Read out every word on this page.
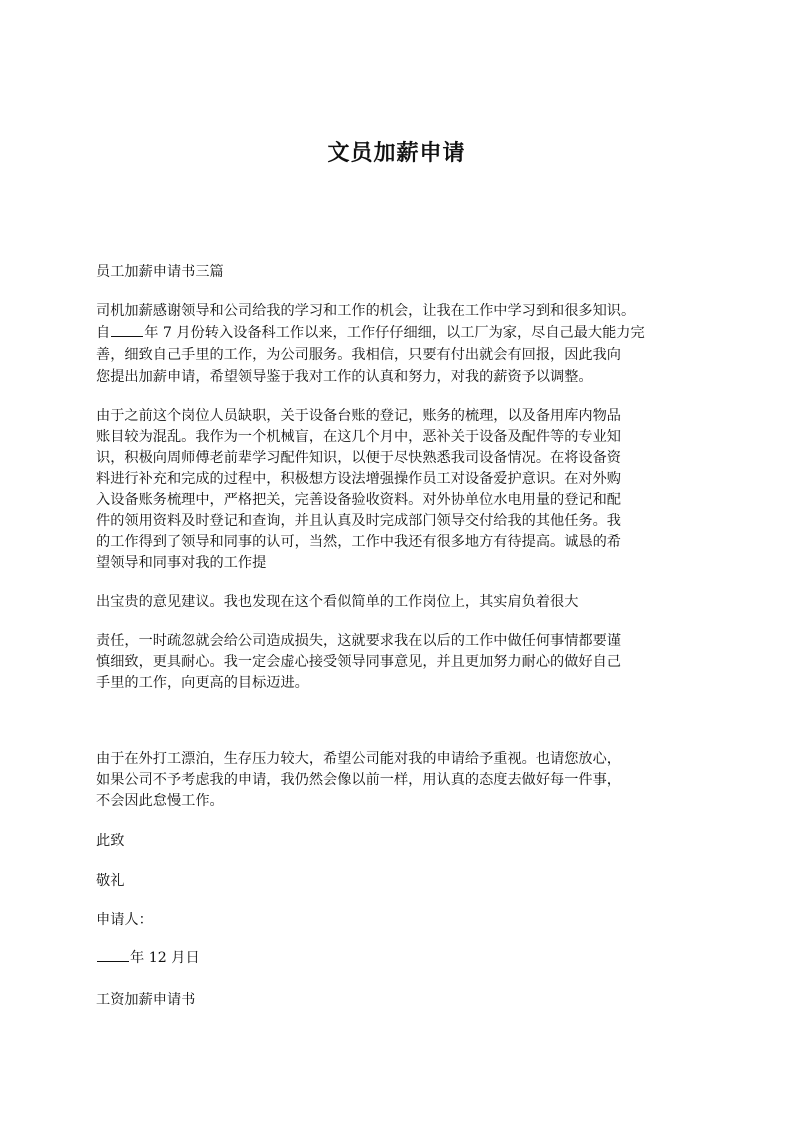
文员加薪申请
员工加薪申请书三篇
司机加薪感谢领导和公司给我的学习和工作的机会，让我在工作中学习到和很多知识。
自 年 7 月份转入设备科工作以来，工作仔仔细细，以工厂为家，尽自己最大能力完
善，细致自己手里的工作，为公司服务。我相信，只要有付出就会有回报，因此我向
您提出加薪申请，希望领导鉴于我对工作的认真和努力，对我的薪资予以调整。
由于之前这个岗位人员缺职，关于设备台账的登记，账务的梳理，以及备用库内物品
账目较为混乱。我作为一个机械盲，在这几个月中，恶补关于设备及配件等的专业知
识，积极向周师傅老前辈学习配件知识，以便于尽快熟悉我司设备情况。在将设备资
料进行补充和完成的过程中，积极想方设法增强操作员工对设备爱护意识。在对外购
入设备账务梳理中，严格把关，完善设备验收资料。对外协单位水电用量的登记和配
件的领用资料及时登记和查询，并且认真及时完成部门领导交付给我的其他任务。我
的工作得到了领导和同事的认可，当然，工作中我还有很多地方有待提高。诚恳的希
望领导和同事对我的工作提
出宝贵的意见建议。我也发现在这个看似简单的工作岗位上，其实肩负着很大
责任，一时疏忽就会给公司造成损失，这就要求我在以后的工作中做任何事情都要谨
慎细致，更具耐心。我一定会虚心接受领导同事意见，并且更加努力耐心的做好自己
手里的工作，向更高的目标迈进。
由于在外打工漂泊，生存压力较大，希望公司能对我的申请给予重视。也请您放心，
如果公司不予考虑我的申请，我仍然会像以前一样，用认真的态度去做好每一件事，
不会因此怠慢工作。
此致
敬礼
申请人：
年 12 月日
工资加薪申请书
